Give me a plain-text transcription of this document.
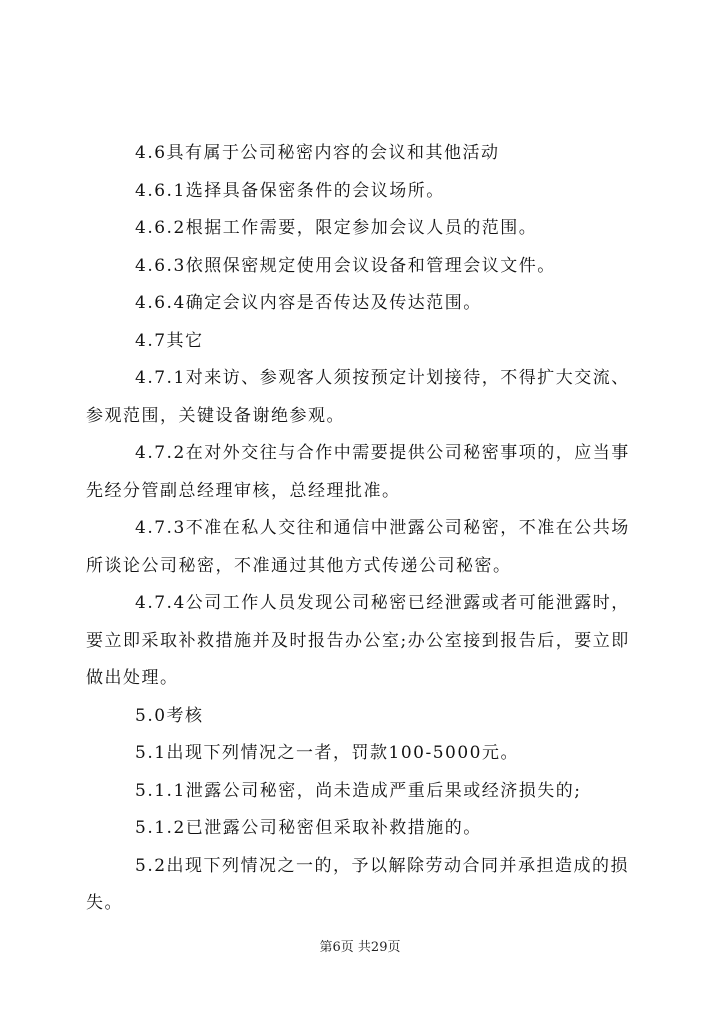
4.6具有属于公司秘密内容的会议和其他活动

4.6.1选择具备保密条件的会议场所。

4.6.2根据工作需要，限定参加会议人员的范围。

4.6.3依照保密规定使用会议设备和管理会议文件。

4.6.4确定会议内容是否传达及传达范围。

4.7其它

4.7.1对来访、参观客人须按预定计划接待，不得扩大交流、参观范围，关键设备谢绝参观。

4.7.2在对外交往与合作中需要提供公司秘密事项的，应当事先经分管副总经理审核，总经理批准。

4.7.3不准在私人交往和通信中泄露公司秘密，不准在公共场所谈论公司秘密，不准通过其他方式传递公司秘密。

4.7.4公司工作人员发现公司秘密已经泄露或者可能泄露时，要立即采取补救措施并及时报告办公室;办公室接到报告后，要立即做出处理。

5.0考核

5.1出现下列情况之一者，罚款100-5000元。

5.1.1泄露公司秘密，尚未造成严重后果或经济损失的;

5.1.2已泄露公司秘密但采取补救措施的。

5.2出现下列情况之一的，予以解除劳动合同并承担造成的损失。

第6页 共29页
